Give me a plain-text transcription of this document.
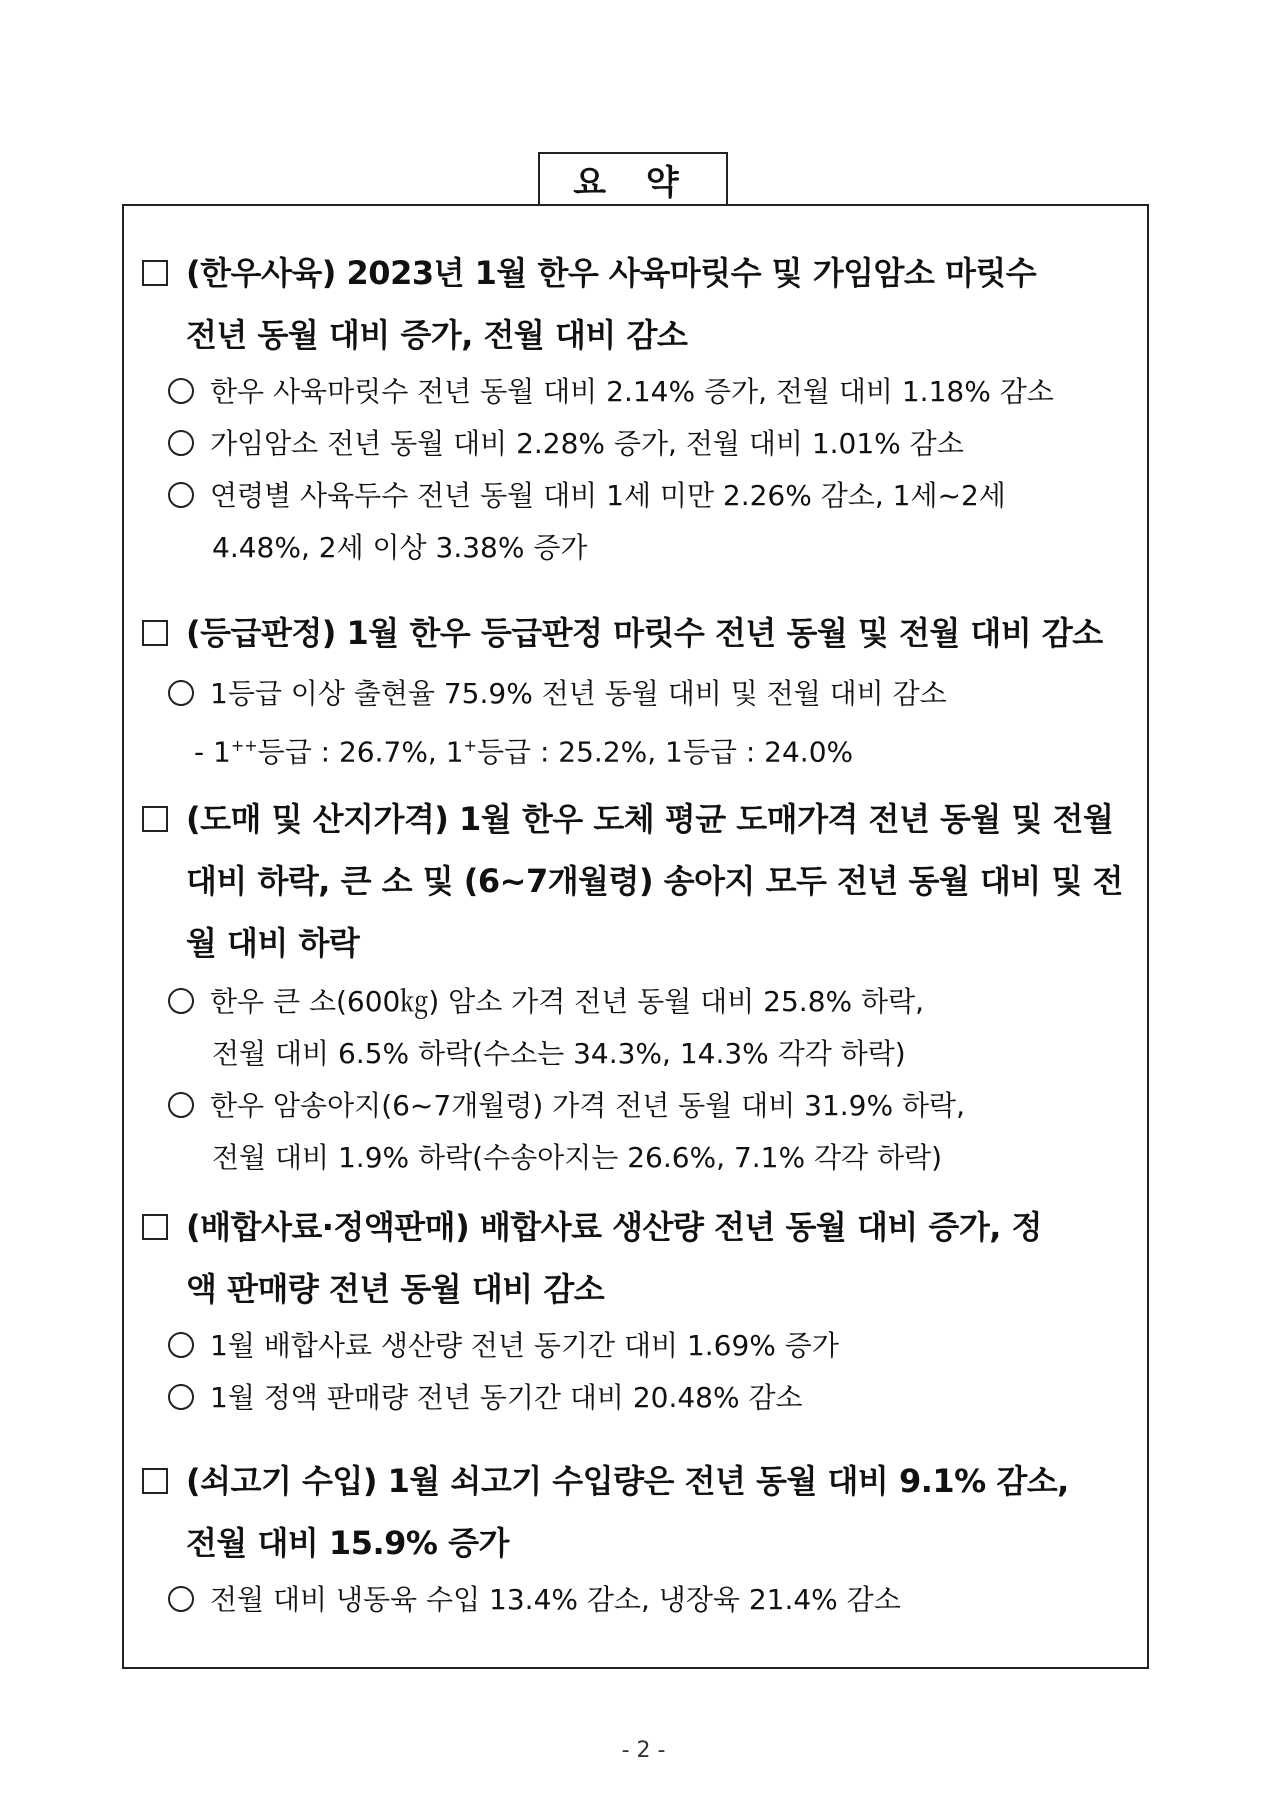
요 약
(한우사육) 2023년 1월 한우 사육마릿수 및 가임암소 마릿수
전년 동월 대비 증가, 전월 대비 감소
한우 사육마릿수 전년 동월 대비 2.14% 증가, 전월 대비 1.18% 감소
가임암소 전년 동월 대비 2.28% 증가, 전월 대비 1.01% 감소
연령별 사육두수 전년 동월 대비 1세 미만 2.26% 감소, 1세~2세
4.48%, 2세 이상 3.38% 증가
(등급판정) 1월 한우 등급판정 마릿수 전년 동월 및 전월 대비 감소
1등급 이상 출현율 75.9% 전년 동월 대비 및 전월 대비 감소
- 1++등급 : 26.7%, 1+등급 : 25.2%, 1등급 : 24.0%
(도매 및 산지가격) 1월 한우 도체 평균 도매가격 전년 동월 및 전월
대비 하락, 큰 소 및 (6~7개월령) 송아지 모두 전년 동월 대비 및 전
월 대비 하락
한우 큰 소(600㎏) 암소 가격 전년 동월 대비 25.8% 하락,
전월 대비 6.5% 하락(수소는 34.3%, 14.3% 각각 하락)
한우 암송아지(6~7개월령) 가격 전년 동월 대비 31.9% 하락,
전월 대비 1.9% 하락(수송아지는 26.6%, 7.1% 각각 하락)
(배합사료·정액판매) 배합사료 생산량 전년 동월 대비 증가, 정
액 판매량 전년 동월 대비 감소
1월 배합사료 생산량 전년 동기간 대비 1.69% 증가
1월 정액 판매량 전년 동기간 대비 20.48% 감소
(쇠고기 수입) 1월 쇠고기 수입량은 전년 동월 대비 9.1% 감소,
전월 대비 15.9% 증가
전월 대비 냉동육 수입 13.4% 감소, 냉장육 21.4% 감소
- 2 -
